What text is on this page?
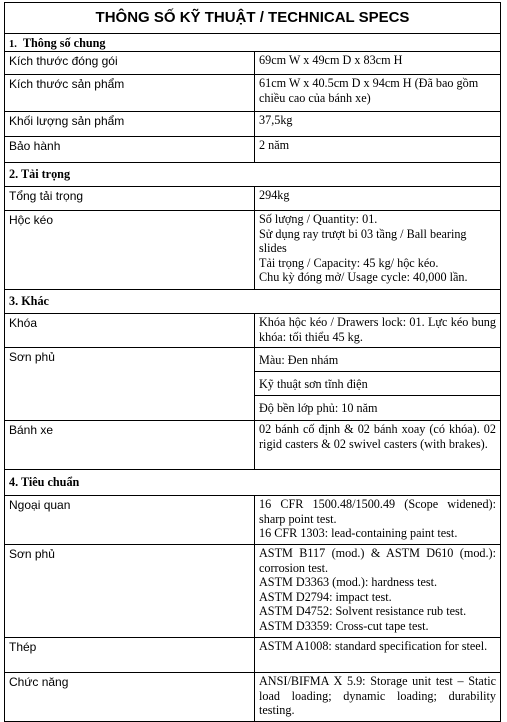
THÔNG SỐ KỸ THUẬT / TECHNICAL SPECS
1. Thông số chung
Kích thước đóng gói	69cm W x 49cm D x 83cm H
Kích thước sản phẩm	61cm W x 40.5cm D x 94cm H (Đã bao gồm chiều cao của bánh xe)
Khối lượng sản phẩm	37,5kg
Bảo hành	2 năm
2. Tải trọng
Tổng tải trọng	294kg
Hộc kéo	Số lượng / Quantity: 01.
Sử dụng ray trượt bi 03 tầng / Ball bearing slides
Tải trọng / Capacity: 45 kg/ hộc kéo.
Chu kỳ đóng mở/ Usage cycle: 40,000 lần.
3. Khác
Khóa	Khóa hộc kéo / Drawers lock: 01. Lực kéo bung khóa: tối thiểu 45 kg.
Sơn phủ	Màu: Đen nhám
Kỹ thuật sơn tĩnh điện
Độ bền lớp phủ: 10 năm
Bánh xe	02 bánh cố định & 02 bánh xoay (có khóa). 02 rigid casters & 02 swivel casters (with brakes).
4. Tiêu chuẩn
Ngoại quan	16 CFR 1500.48/1500.49 (Scope widened): sharp point test.
16 CFR 1303: lead-containing paint test.
Sơn phủ	ASTM B117 (mod.) & ASTM D610 (mod.): corrosion test.
ASTM D3363 (mod.): hardness test.
ASTM D2794: impact test.
ASTM D4752: Solvent resistance rub test.
ASTM D3359: Cross-cut tape test.
Thép	ASTM A1008: standard specification for steel.
Chức năng	ANSI/BIFMA X 5.9: Storage unit test – Static load loading; dynamic loading; durability testing.
